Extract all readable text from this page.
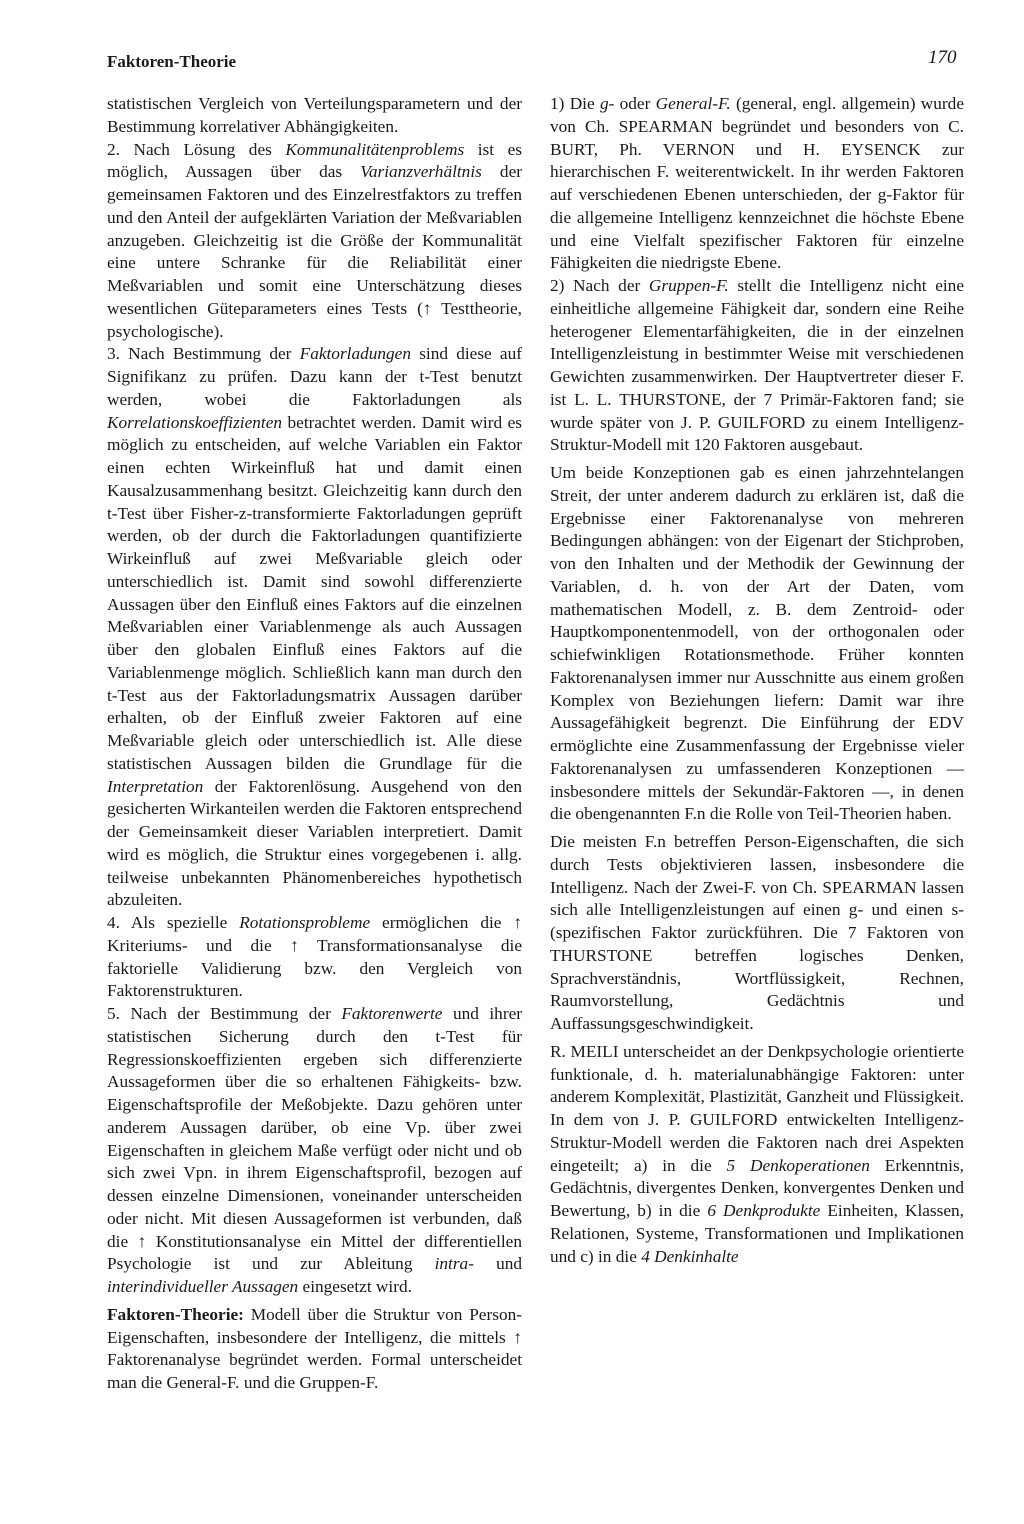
Faktoren-Theorie	170

statistischen Vergleich von Verteilungsparametern und der Bestimmung korrelativer Abhängigkeiten.

2. Nach Lösung des Kommunalitätenproblems ist es möglich, Aussagen über das Varianzverhältnis der gemeinsamen Faktoren und des Einzelrestfaktors zu treffen und den Anteil der aufgeklärten Variation der Meßvariablen anzugeben. Gleichzeitig ist die Größe der Kommunalität eine untere Schranke für die Reliabilität einer Meßvariablen und somit eine Unterschätzung dieses wesentlichen Güteparameters eines Tests (↑ Testtheorie, psychologische).

3. Nach Bestimmung der Faktorladungen sind diese auf Signifikanz zu prüfen. Dazu kann der t-Test benutzt werden, wobei die Faktorladungen als Korrelationskoeffizienten betrachtet werden. Damit wird es möglich zu entscheiden, auf welche Variablen ein Faktor einen echten Wirkeinfluß hat und damit einen Kausalzusammenhang besitzt. Gleichzeitig kann durch den t-Test über Fisher-z-transformierte Faktorladungen geprüft werden, ob der durch die Faktorladungen quantifizierte Wirkeinfluß auf zwei Meßvariable gleich oder unterschiedlich ist. Damit sind sowohl differenzierte Aussagen über den Einfluß eines Faktors auf die einzelnen Meßvariablen einer Variablenmenge als auch Aussagen über den globalen Einfluß eines Faktors auf die Variablenmenge möglich. Schließlich kann man durch den t-Test aus der Faktorladungsmatrix Aussagen darüber erhalten, ob der Einfluß zweier Faktoren auf eine Meßvariable gleich oder unterschiedlich ist. Alle diese statistischen Aussagen bilden die Grundlage für die Interpretation der Faktorenlösung. Ausgehend von den gesicherten Wirkanteilen werden die Faktoren entsprechend der Gemeinsamkeit dieser Variablen interpretiert. Damit wird es möglich, die Struktur eines vorgegebenen i. allg. teilweise unbekannten Phänomenbereiches hypothetisch abzuleiten.

4. Als spezielle Rotationsprobleme ermöglichen die ↑ Kriteriums- und die ↑ Transformationsanalyse die faktorielle Validierung bzw. den Vergleich von Faktorenstrukturen.

5. Nach der Bestimmung der Faktorenwerte und ihrer statistischen Sicherung durch den t-Test für Regressionskoeffizienten ergeben sich differenzierte Aussageformen über die so erhaltenen Fähigkeits- bzw. Eigenschaftsprofile der Meßobjekte. Dazu gehören unter anderem Aussagen darüber, ob eine Vp. über zwei Eigenschaften in gleichem Maße verfügt oder nicht und ob sich zwei Vpn. in ihrem Eigenschaftsprofil, bezogen auf dessen einzelne Dimensionen, voneinander unterscheiden oder nicht. Mit diesen Aussageformen ist verbunden, daß die ↑ Konstitutionsanalyse ein Mittel der differentiellen Psychologie ist und zur Ableitung intra- und interindividueller Aussagen eingesetzt wird.

Faktoren-Theorie: Modell über die Struktur von Person-Eigenschaften, insbesondere der Intelligenz, die mittels ↑ Faktorenanalyse begründet werden. Formal unterscheidet man die General-F. und die Gruppen-F.

1) Die g- oder General-F. (general, engl. allgemein) wurde von Ch. SPEARMAN begründet und besonders von C. BURT, Ph. VERNON und H. EYSENCK zur hierarchischen F. weiterentwickelt. In ihr werden Faktoren auf verschiedenen Ebenen unterschieden, der g-Faktor für die allgemeine Intelligenz kennzeichnet die höchste Ebene und eine Vielfalt spezifischer Faktoren für einzelne Fähigkeiten die niedrigste Ebene.

2) Nach der Gruppen-F. stellt die Intelligenz nicht eine einheitliche allgemeine Fähigkeit dar, sondern eine Reihe heterogener Elementarfähigkeiten, die in der einzelnen Intelligenzleistung in bestimmter Weise mit verschiedenen Gewichten zusammenwirken. Der Hauptvertreter dieser F. ist L. L. THURSTONE, der 7 Primär-Faktoren fand; sie wurde später von J. P. GUILFORD zu einem Intelligenz-Struktur-Modell mit 120 Faktoren ausgebaut.

Um beide Konzeptionen gab es einen jahrzehntelangen Streit, der unter anderem dadurch zu erklären ist, daß die Ergebnisse einer Faktorenanalyse von mehreren Bedingungen abhängen: von der Eigenart der Stichproben, von den Inhalten und der Methodik der Gewinnung der Variablen, d. h. von der Art der Daten, vom mathematischen Modell, z. B. dem Zentroid- oder Hauptkomponentenmodell, von der orthogonalen oder schiefwinkligen Rotationsmethode. Früher konnten Faktorenanalysen immer nur Ausschnitte aus einem großen Komplex von Beziehungen liefern: Damit war ihre Aussagefähigkeit begrenzt. Die Einführung der EDV ermöglichte eine Zusammenfassung der Ergebnisse vieler Faktorenanalysen zu umfassenderen Konzeptionen — insbesondere mittels der Sekundär-Faktoren —, in denen die obengenannten F.n die Rolle von Teil-Theorien haben.

Die meisten F.n betreffen Person-Eigenschaften, die sich durch Tests objektivieren lassen, insbesondere die Intelligenz. Nach der Zwei-F. von Ch. SPEARMAN lassen sich alle Intelligenzleistungen auf einen g- und einen s- (spezifischen Faktor zurückführen. Die 7 Faktoren von THURSTONE betreffen logisches Denken, Sprachverständnis, Wortflüssigkeit, Rechnen, Raumvorstellung, Gedächtnis und Auffassungsgeschwindigkeit.

R. MEILI unterscheidet an der Denkpsychologie orientierte funktionale, d. h. materialunabhängige Faktoren: unter anderem Komplexität, Plastizität, Ganzheit und Flüssigkeit. In dem von J. P. GUILFORD entwickelten Intelligenz-Struktur-Modell werden die Faktoren nach drei Aspekten eingeteilt; a) in die 5 Denkoperationen Erkenntnis, Gedächtnis, divergentes Denken, konvergentes Denken und Bewertung, b) in die 6 Denkprodukte Einheiten, Klassen, Relationen, Systeme, Transformationen und Implikationen und c) in die 4 Denkinhalte
